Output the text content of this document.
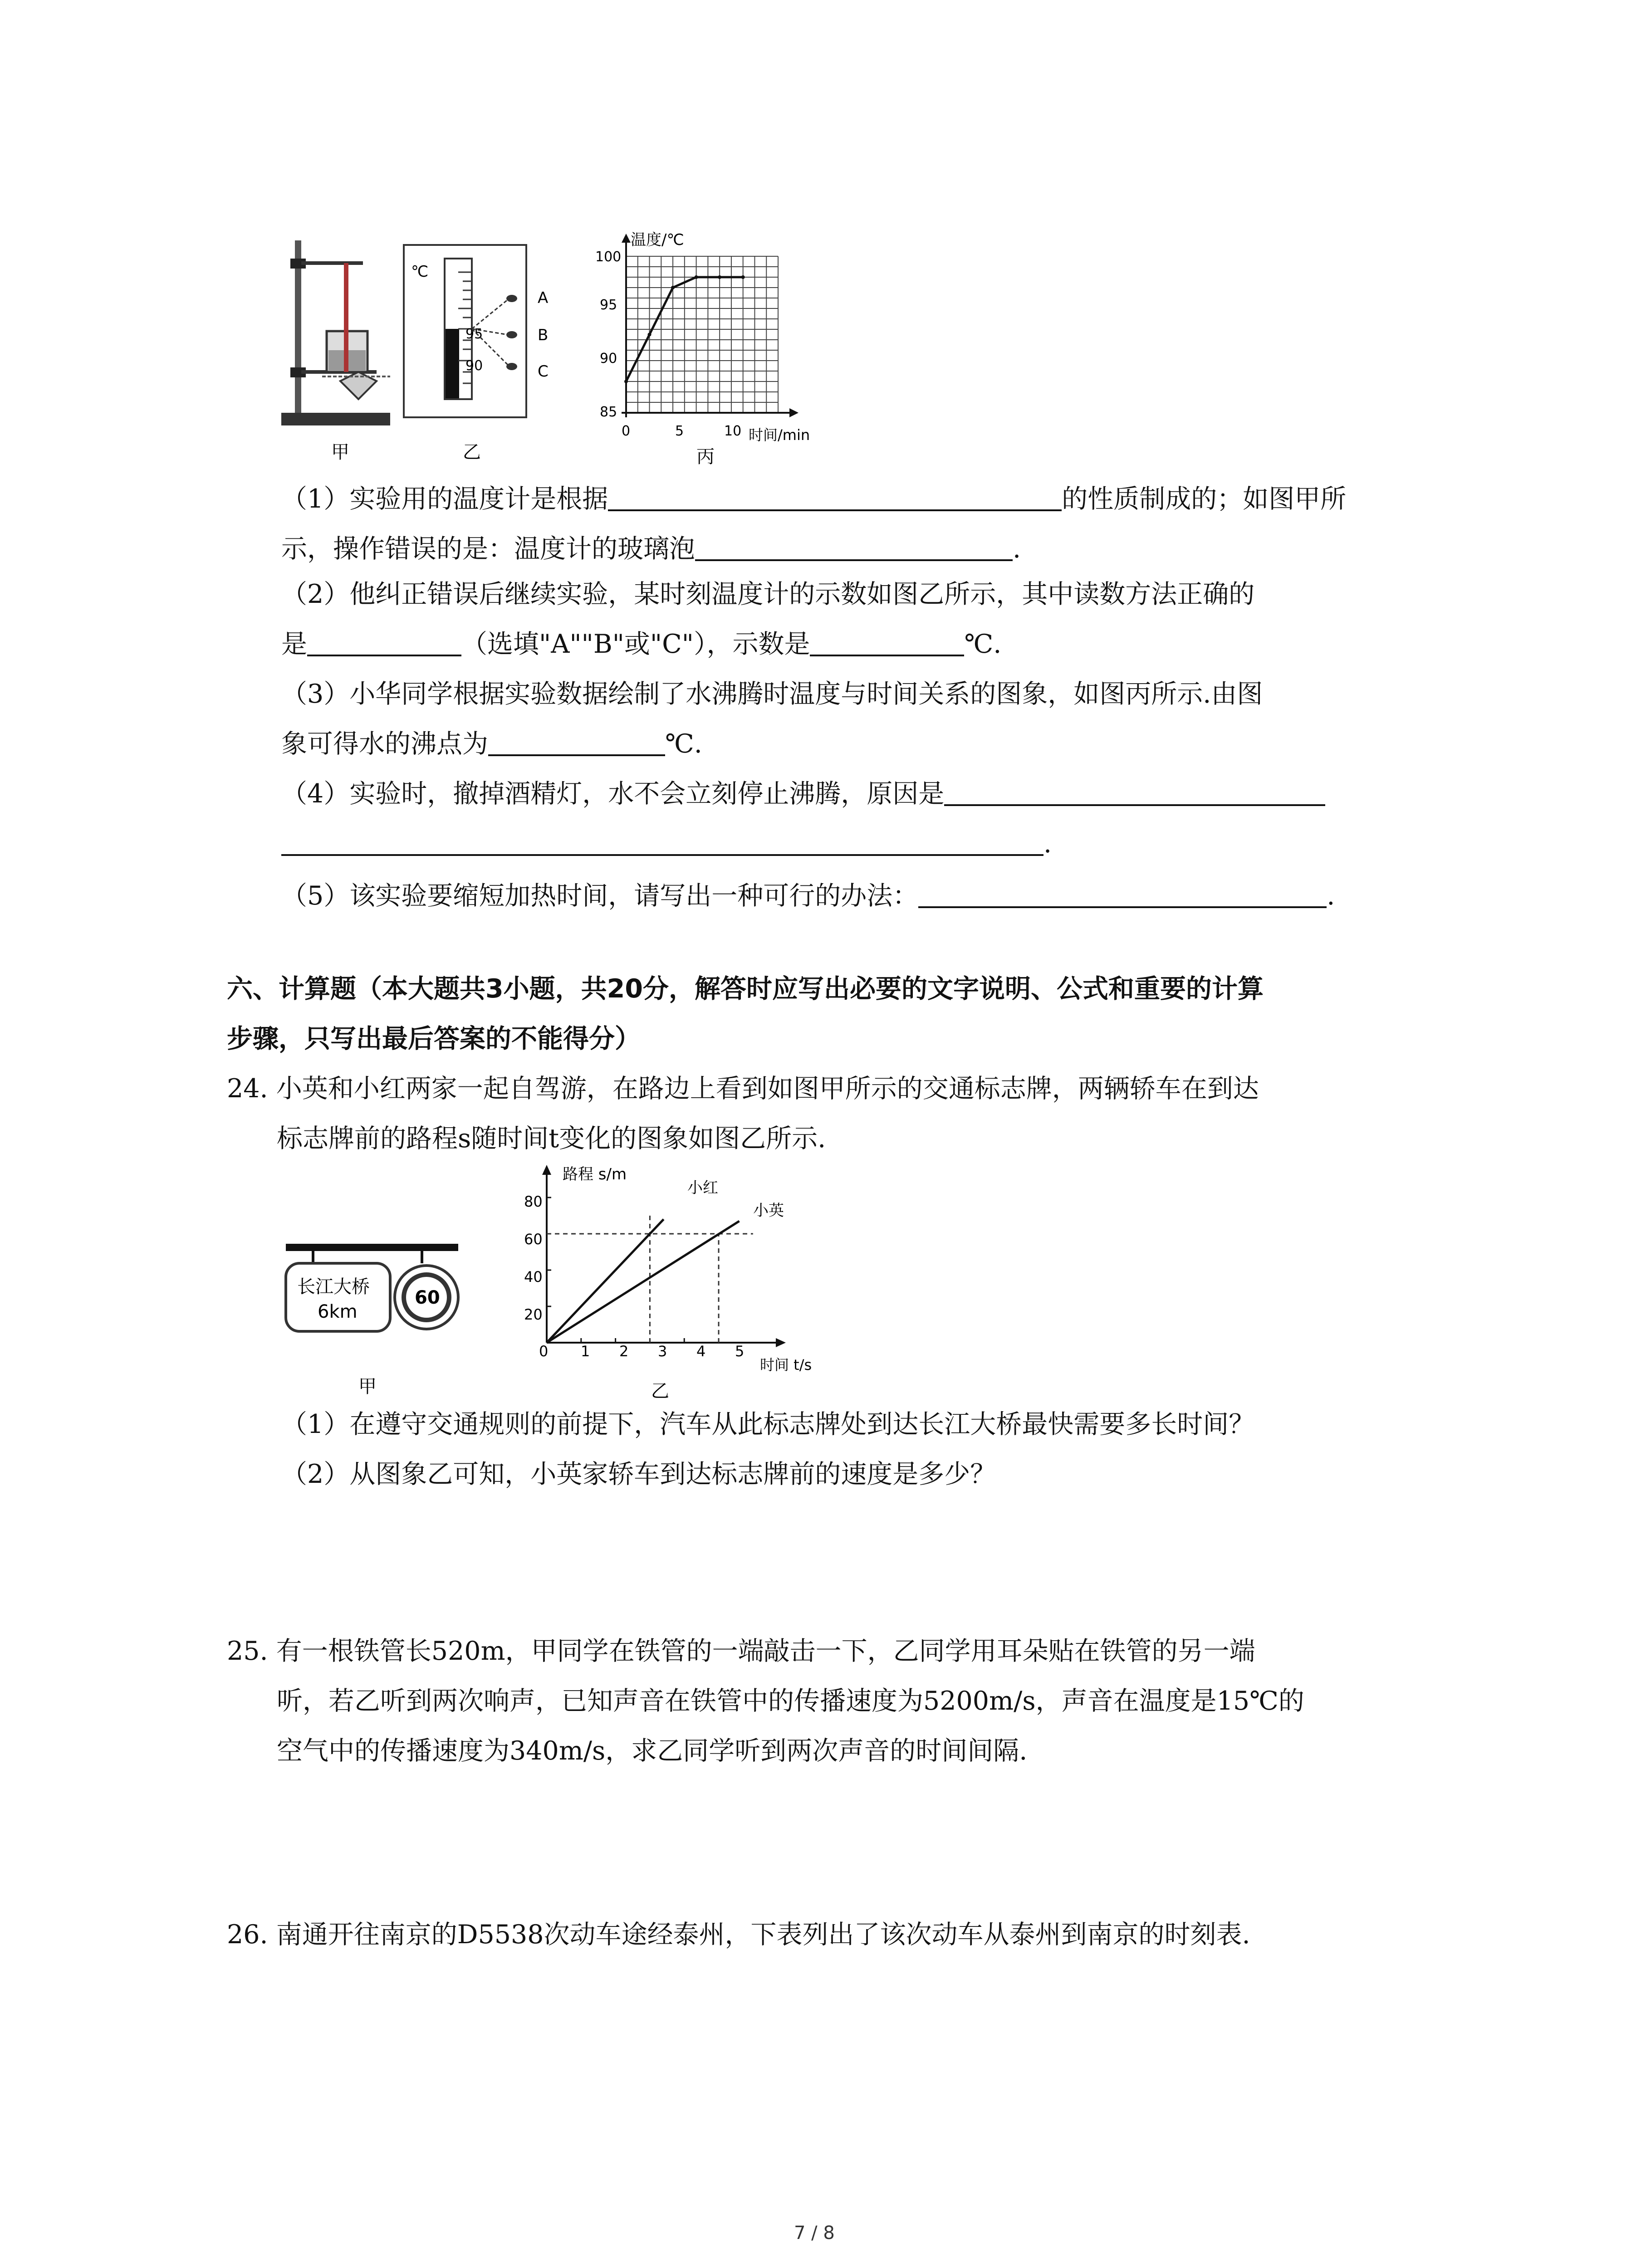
甲
℃
95
90
A
B
C
乙
温度/℃
时间/min
100
95
90
85
0	5	10
丙
（1）实验用的温度计是根据	的性质制成的；如图甲所
示，操作错误的是：温度计的玻璃泡	.
（2）他纠正错误后继续实验，某时刻温度计的示数如图乙所示，其中读数方法正确的
是	（选填"A""B"或"C"），示数是	℃.
（3）小华同学根据实验数据绘制了水沸腾时温度与时间关系的图象，如图丙所示.由图
象可得水的沸点为	℃.
（4）实验时，撤掉酒精灯，水不会立刻停止沸腾，原因是
.
（5）该实验要缩短加热时间，请写出一种可行的办法：	.
六、计算题（本大题共3小题，共20分，解答时应写出必要的文字说明、公式和重要的计算
步骤，只写出最后答案的不能得分）
24. 小英和小红两家一起自驾游，在路边上看到如图甲所示的交通标志牌，两辆轿车在到达
标志牌前的路程s随时间t变化的图象如图乙所示.
长江大桥
6km
60
甲
路程 s/m
时间 t/s
80
60
40
20
0 1 2 3 4 5
小红
小英
乙
（1）在遵守交通规则的前提下，汽车从此标志牌处到达长江大桥最快需要多长时间？
（2）从图象乙可知，小英家轿车到达标志牌前的速度是多少？
25. 有一根铁管长520m，甲同学在铁管的一端敲击一下，乙同学用耳朵贴在铁管的另一端
听，若乙听到两次响声，已知声音在铁管中的传播速度为5200m/s，声音在温度是15℃的
空气中的传播速度为340m/s，求乙同学听到两次声音的时间间隔.
26. 南通开往南京的D5538次动车途经泰州，下表列出了该次动车从泰州到南京的时刻表.
7 / 8
